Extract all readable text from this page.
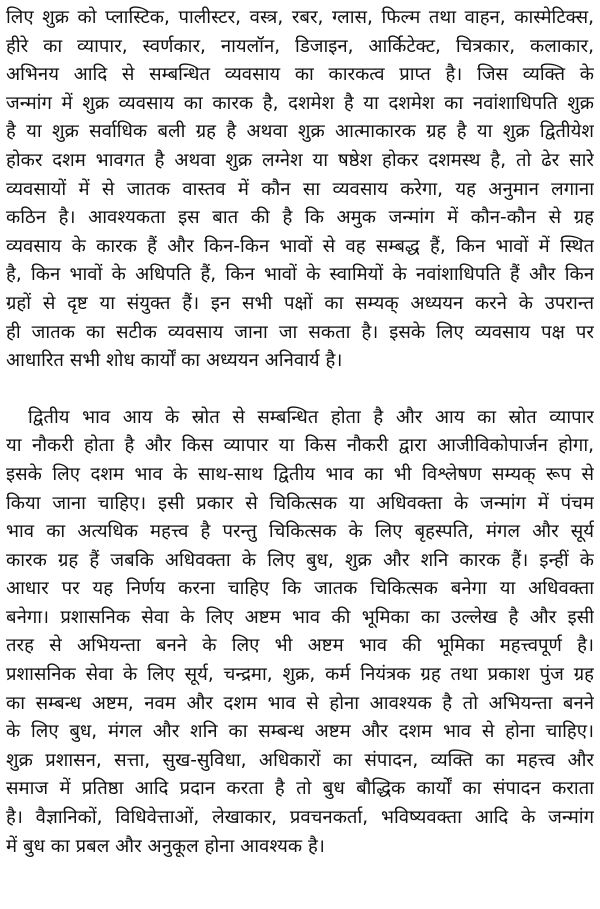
लिए शुक्र को प्लास्टिक, पालीस्टर, वस्त्र, रबर, ग्लास, फिल्म तथा वाहन, कास्मेटिक्स,
हीरे का व्यापार, स्वर्णकार, नायलॉन, डिजाइन, आर्किटेक्ट, चित्रकार, कलाकार,
अभिनय आदि से सम्बन्धित व्यवसाय का कारकत्व प्राप्त है। जिस व्यक्ति के
जन्मांग में शुक्र व्यवसाय का कारक है, दशमेश है या दशमेश का नवांशाधिपति शुक्र
है या शुक्र सर्वाधिक बली ग्रह है अथवा शुक्र आत्माकारक ग्रह है या शुक्र द्वितीयेश
होकर दशम भावगत है अथवा शुक्र लग्नेश या षष्ठेश होकर दशमस्थ है, तो ढेर सारे
व्यवसायों में से जातक वास्तव में कौन सा व्यवसाय करेगा, यह अनुमान लगाना
कठिन है। आवश्यकता इस बात की है कि अमुक जन्मांग में कौन-कौन से ग्रह
व्यवसाय के कारक हैं और किन-किन भावों से वह सम्बद्ध हैं, किन भावों में स्थित
है, किन भावों के अधिपति हैं, किन भावों के स्वामियों के नवांशाधिपति हैं और किन
ग्रहों से दृष्ट या संयुक्त हैं। इन सभी पक्षों का सम्यक् अध्ययन करने के उपरान्त
ही जातक का सटीक व्यवसाय जाना जा सकता है। इसके लिए व्यवसाय पक्ष पर
आधारित सभी शोध कार्यों का अध्ययन अनिवार्य है।
द्वितीय भाव आय के स्रोत से सम्बन्धित होता है और आय का स्रोत व्यापार
या नौकरी होता है और किस व्यापार या किस नौकरी द्वारा आजीविकोपार्जन होगा,
इसके लिए दशम भाव के साथ-साथ द्वितीय भाव का भी विश्लेषण सम्यक् रूप से
किया जाना चाहिए। इसी प्रकार से चिकित्सक या अधिवक्ता के जन्मांग में पंचम
भाव का अत्यधिक महत्त्व है परन्तु चिकित्सक के लिए बृहस्पति, मंगल और सूर्य
कारक ग्रह हैं जबकि अधिवक्ता के लिए बुध, शुक्र और शनि कारक हैं। इन्हीं के
आधार पर यह निर्णय करना चाहिए कि जातक चिकित्सक बनेगा या अधिवक्ता
बनेगा। प्रशासनिक सेवा के लिए अष्टम भाव की भूमिका का उल्लेख है और इसी
तरह से अभियन्ता बनने के लिए भी अष्टम भाव की भूमिका महत्त्वपूर्ण है।
प्रशासनिक सेवा के लिए सूर्य, चन्द्रमा, शुक्र, कर्म नियंत्रक ग्रह तथा प्रकाश पुंज ग्रह
का सम्बन्ध अष्टम, नवम और दशम भाव से होना आवश्यक है तो अभियन्ता बनने
के लिए बुध, मंगल और शनि का सम्बन्ध अष्टम और दशम भाव से होना चाहिए।
शुक्र प्रशासन, सत्ता, सुख-सुविधा, अधिकारों का संपादन, व्यक्ति का महत्त्व और
समाज में प्रतिष्ठा आदि प्रदान करता है तो बुध बौद्धिक कार्यों का संपादन कराता
है। वैज्ञानिकों, विधिवेत्ताओं, लेखाकार, प्रवचनकर्ता, भविष्यवक्ता आदि के जन्मांग
में बुध का प्रबल और अनुकूल होना आवश्यक है।
